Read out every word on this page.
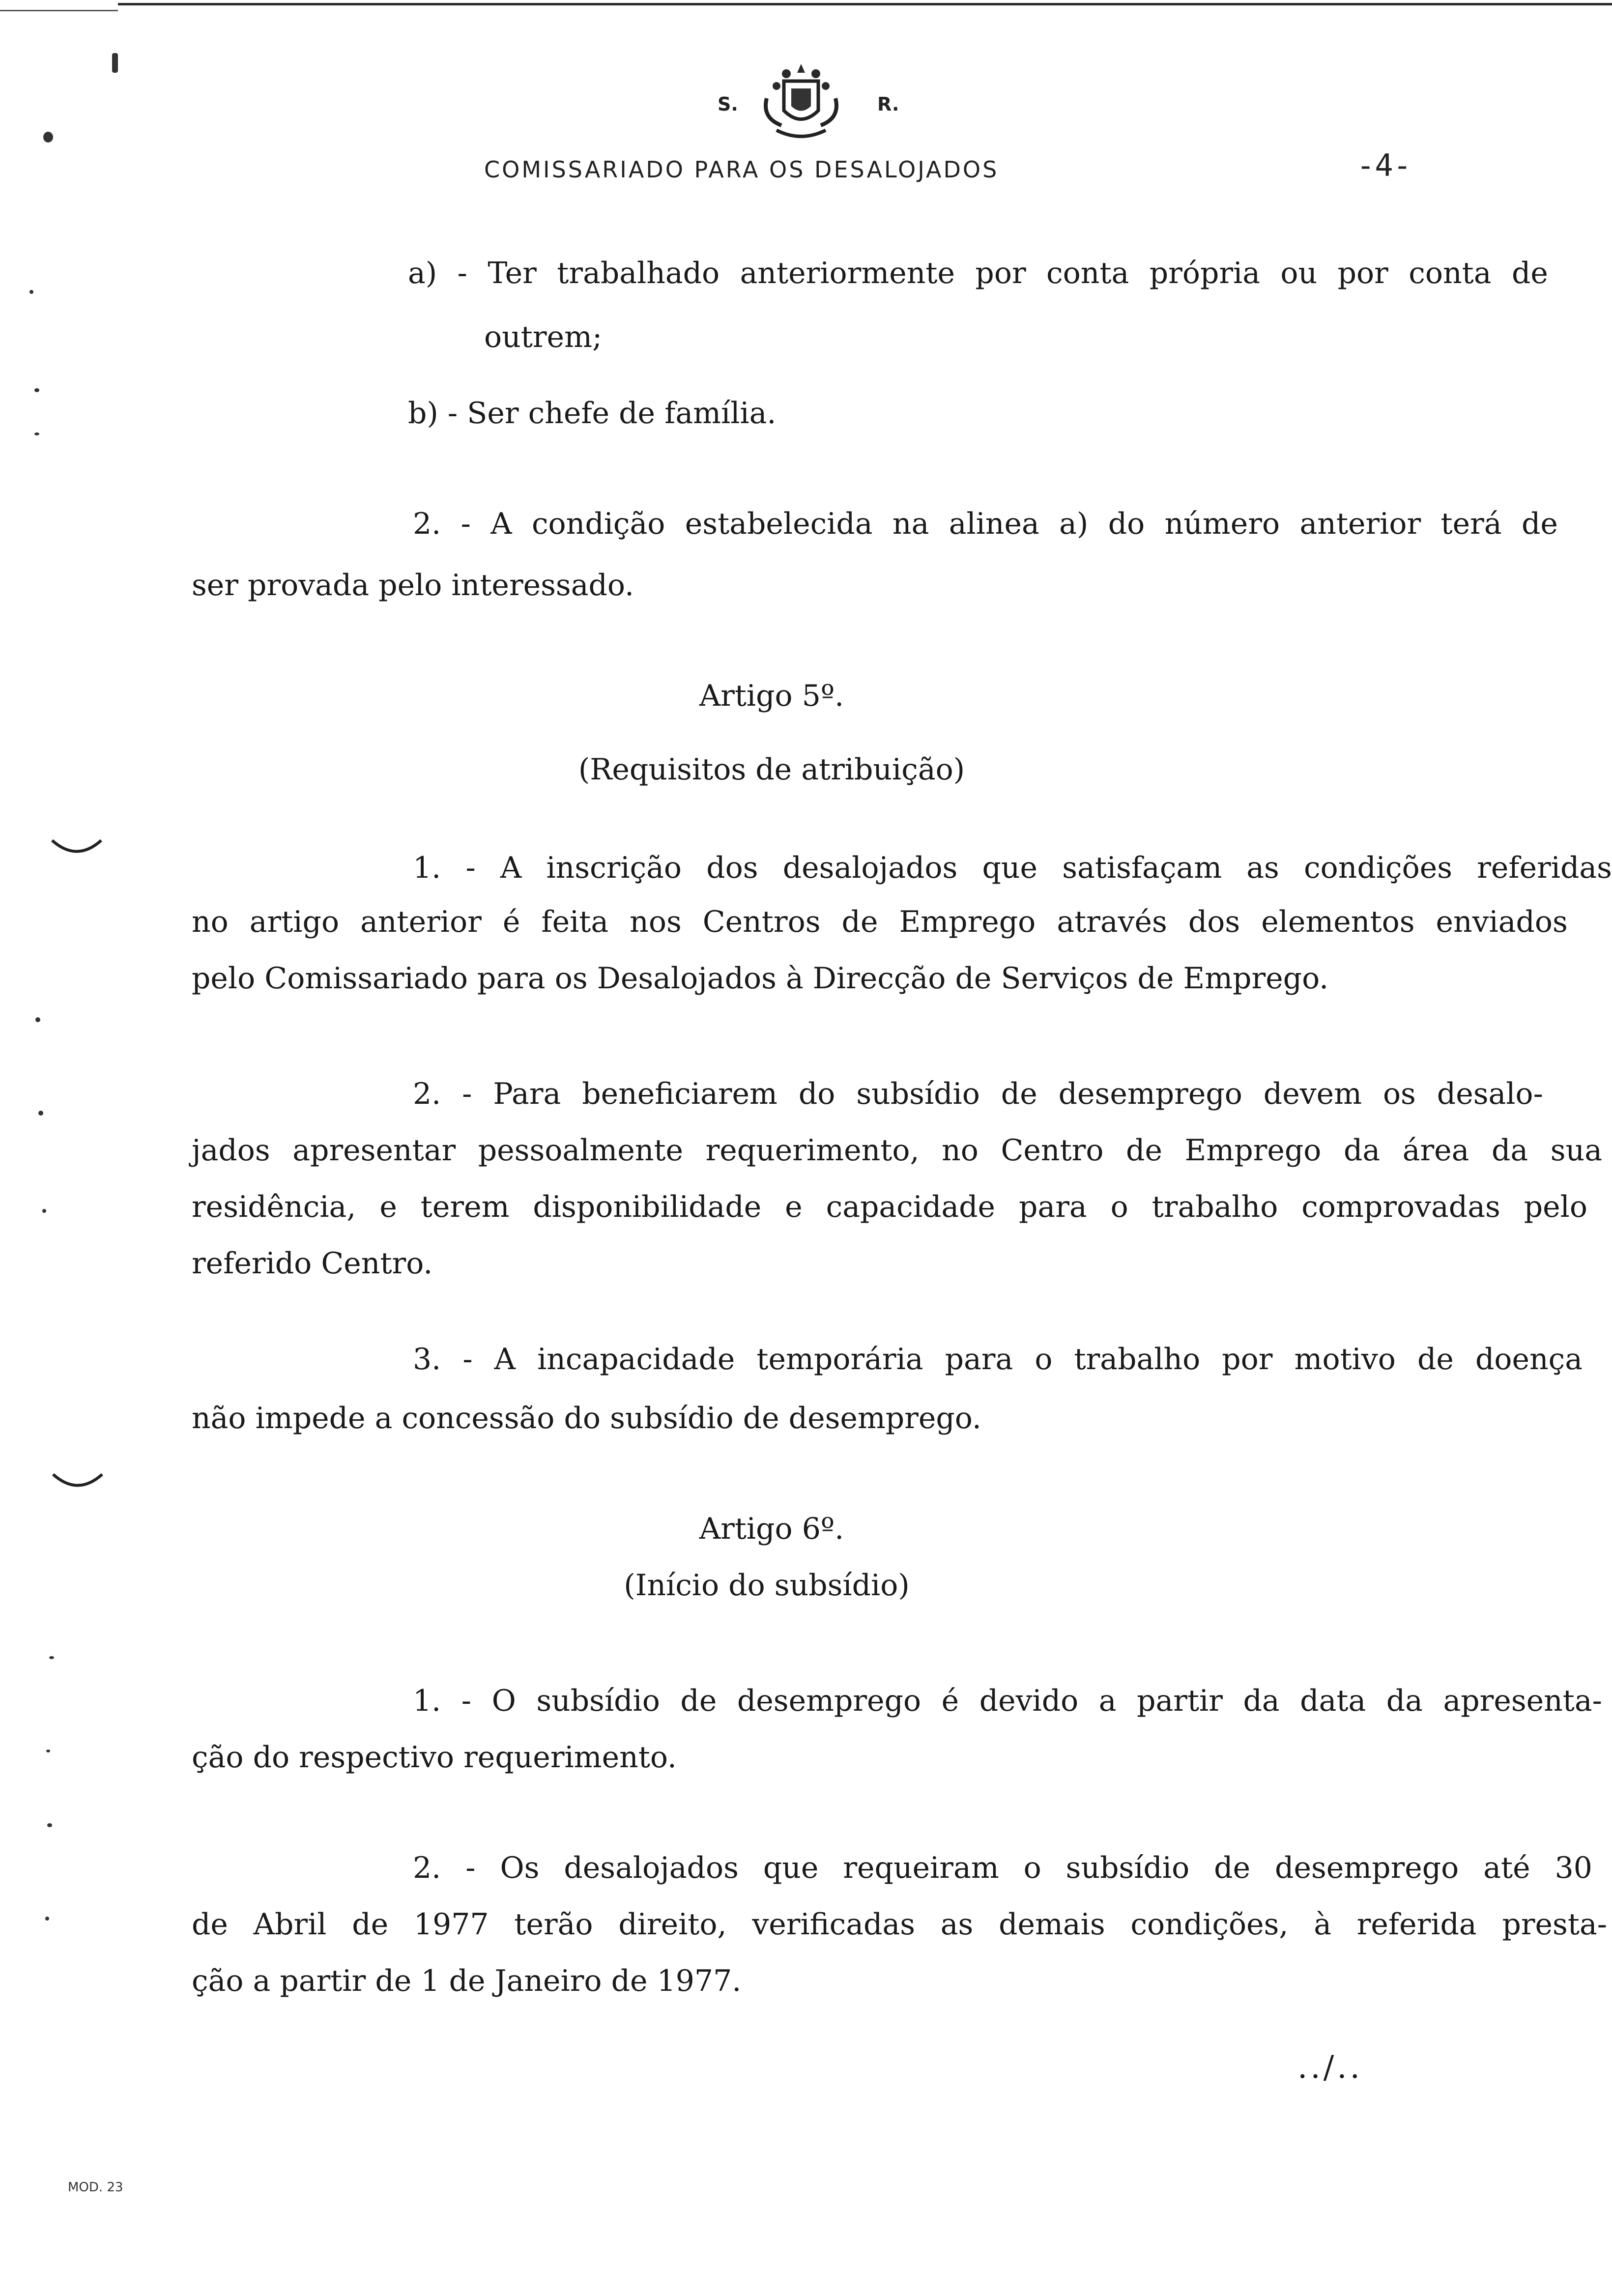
S.	R.
COMISSARIADO PARA OS DESALOJADOS	-4-
a) - Ter trabalhado anteriormente por conta própria ou por conta de
outrem;
b) - Ser chefe de família.
2. - A condição estabelecida na alinea a) do número anterior terá de
ser provada pelo interessado.
Artigo 5º.
(Requisitos de atribuição)
1. - A inscrição dos desalojados que satisfaçam as condições referidas
no artigo anterior é feita nos Centros de Emprego através dos elementos enviados
pelo Comissariado para os Desalojados à Direcção de Serviços de Emprego.
2. - Para beneficiarem do subsídio de desemprego devem os desalo-
jados apresentar pessoalmente requerimento, no Centro de Emprego da área da sua
residência, e terem disponibilidade e capacidade para o trabalho comprovadas pelo
referido Centro.
3. - A incapacidade temporária para o trabalho por motivo de doença
não impede a concessão do subsídio de desemprego.
Artigo 6º.
(Início do subsídio)
1. - O subsídio de desemprego é devido a partir da data da apresenta-
ção do respectivo requerimento.
2. - Os desalojados que requeiram o subsídio de desemprego até 30
de Abril de 1977 terão direito, verificadas as demais condições, à referida presta-
ção a partir de 1 de Janeiro de 1977.
../..
MOD. 23
